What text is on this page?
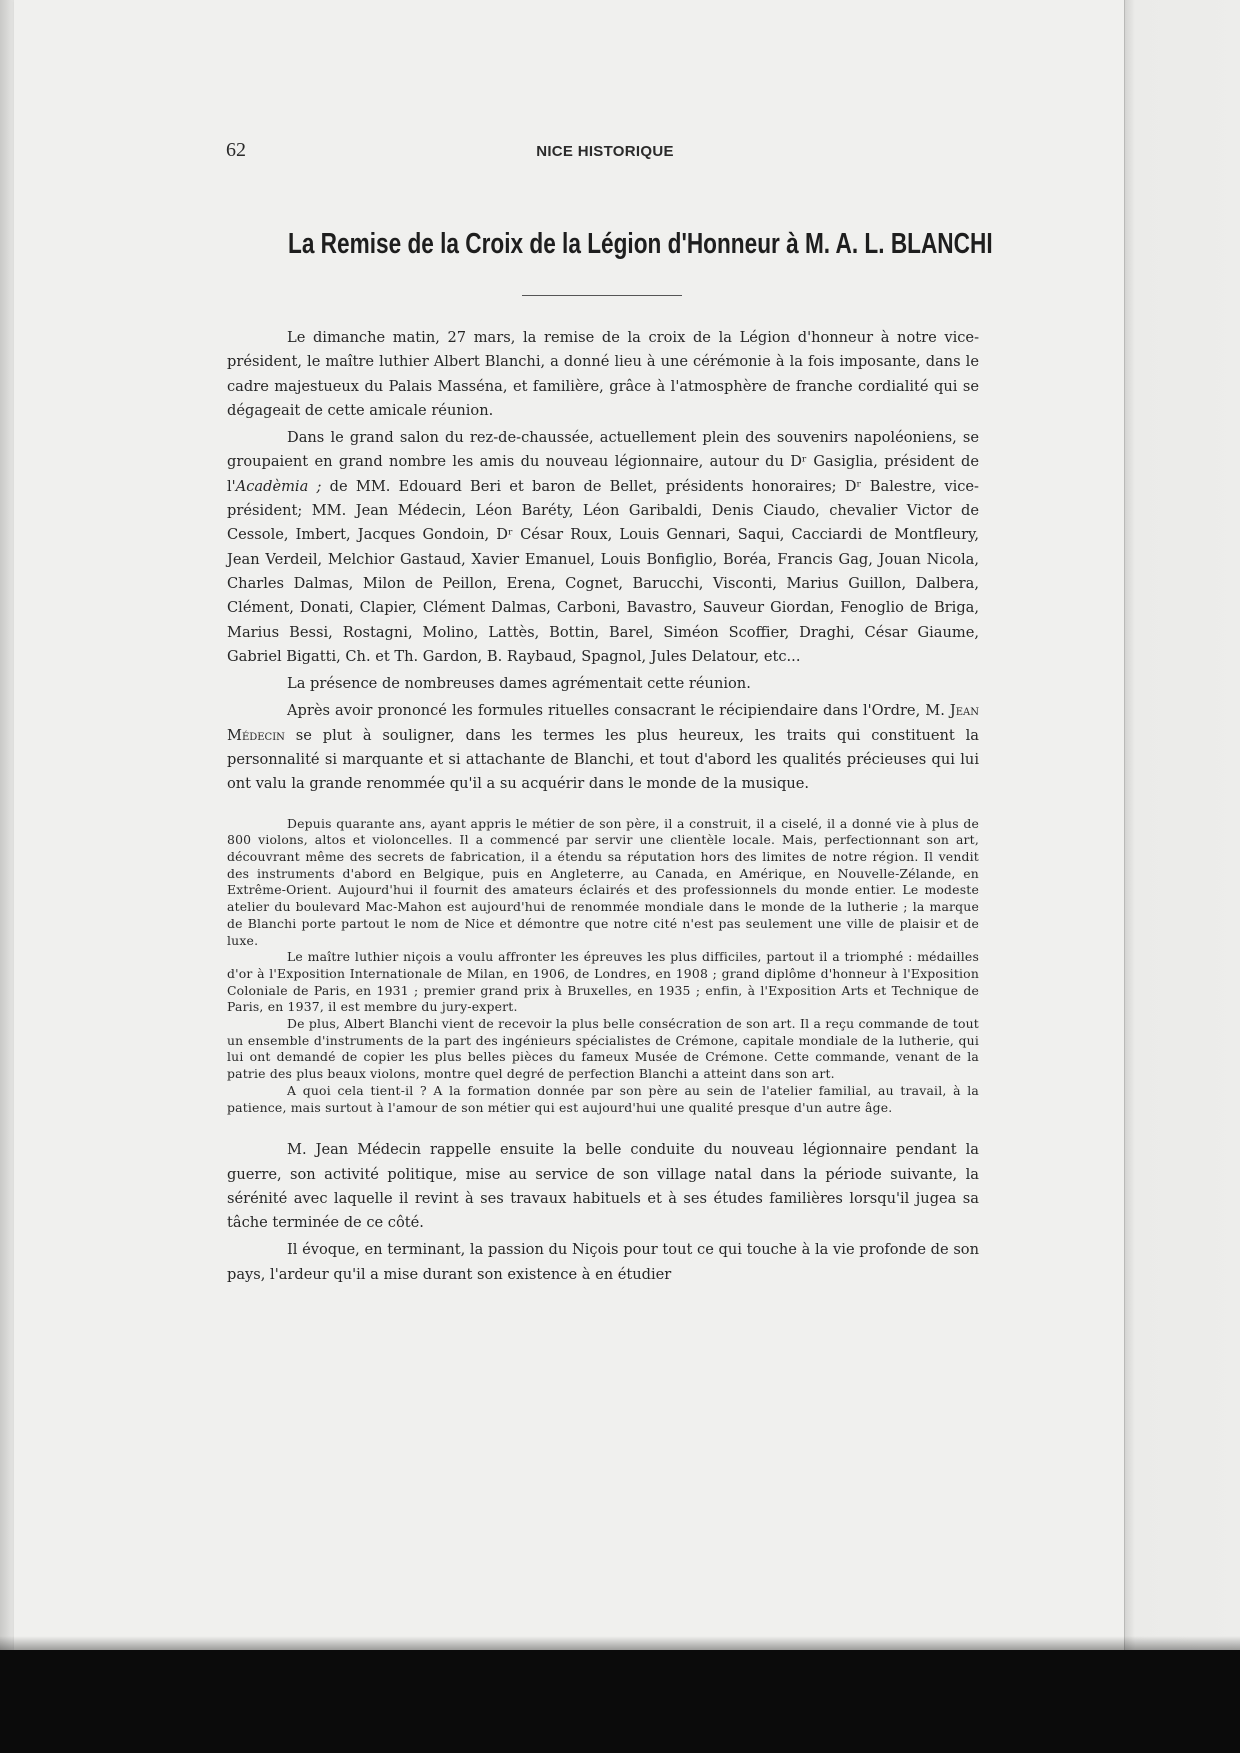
62	NICE HISTORIQUE
La Remise de la Croix de la Légion d'Honneur à M. A. L. BLANCHI

Le dimanche matin, 27 mars, la remise de la croix de la Légion d'honneur à notre vice-président, le maître luthier Albert Blanchi, a donné lieu à une cérémonie à la fois imposante, dans le cadre majestueux du Palais Masséna, et familière, grâce à l'atmosphère de franche cordialité qui se dégageait de cette amicale réunion.

Dans le grand salon du rez-de-chaussée, actuellement plein des souvenirs napoléoniens, se groupaient en grand nombre les amis du nouveau légionnaire, autour du Dʳ Gasiglia, président de l'Acadèmia ; de MM. Edouard Beri et baron de Bellet, présidents honoraires; Dʳ Balestre, vice-président; MM. Jean Médecin, Léon Baréty, Léon Garibaldi, Denis Ciaudo, chevalier Victor de Cessole, Imbert, Jacques Gondoin, Dʳ César Roux, Louis Gennari, Saqui, Cacciardi de Montfleury, Jean Verdeil, Melchior Gastaud, Xavier Emanuel, Louis Bonfiglio, Boréa, Francis Gag, Jouan Nicola, Charles Dalmas, Milon de Peillon, Erena, Cognet, Barucchi, Visconti, Marius Guillon, Dalbera, Clément, Donati, Clapier, Clément Dalmas, Carboni, Bavastro, Sauveur Giordan, Fenoglio de Briga, Marius Bessi, Rostagni, Molino, Lattès, Bottin, Barel, Siméon Scoffier, Draghi, César Giaume, Gabriel Bigatti, Ch. et Th. Gardon, B. Raybaud, Spagnol, Jules Delatour, etc...

La présence de nombreuses dames agrémentait cette réunion.

Après avoir prononcé les formules rituelles consacrant le récipiendaire dans l'Ordre, M. Jean Médecin se plut à souligner, dans les termes les plus heureux, les traits qui constituent la personnalité si marquante et si attachante de Blanchi, et tout d'abord les qualités précieuses qui lui ont valu la grande renommée qu'il a su acquérir dans le monde de la musique.

Depuis quarante ans, ayant appris le métier de son père, il a construit, il a ciselé, il a donné vie à plus de 800 violons, altos et violoncelles. Il a commencé par servir une clientèle locale. Mais, perfectionnant son art, découvrant même des secrets de fabrication, il a étendu sa réputation hors des limites de notre région. Il vendit des instruments d'abord en Belgique, puis en Angleterre, au Canada, en Amérique, en Nouvelle-Zélande, en Extrême-Orient. Aujourd'hui il fournit des amateurs éclairés et des professionnels du monde entier. Le modeste atelier du boulevard Mac-Mahon est aujourd'hui de renommée mondiale dans le monde de la lutherie ; la marque de Blanchi porte partout le nom de Nice et démontre que notre cité n'est pas seulement une ville de plaisir et de luxe.

Le maître luthier niçois a voulu affronter les épreuves les plus difficiles, partout il a triomphé : médailles d'or à l'Exposition Internationale de Milan, en 1906, de Londres, en 1908 ; grand diplôme d'honneur à l'Exposition Coloniale de Paris, en 1931 ; premier grand prix à Bruxelles, en 1935 ; enfin, à l'Exposition Arts et Technique de Paris, en 1937, il est membre du jury-expert.

De plus, Albert Blanchi vient de recevoir la plus belle consécration de son art. Il a reçu commande de tout un ensemble d'instruments de la part des ingénieurs spécialistes de Crémone, capitale mondiale de la lutherie, qui lui ont demandé de copier les plus belles pièces du fameux Musée de Crémone. Cette commande, venant de la patrie des plus beaux violons, montre quel degré de perfection Blanchi a atteint dans son art.

A quoi cela tient-il ? A la formation donnée par son père au sein de l'atelier familial, au travail, à la patience, mais surtout à l'amour de son métier qui est aujourd'hui une qualité presque d'un autre âge.

M. Jean Médecin rappelle ensuite la belle conduite du nouveau légionnaire pendant la guerre, son activité politique, mise au service de son village natal dans la période suivante, la sérénité avec laquelle il revint à ses travaux habituels et à ses études familières lorsqu'il jugea sa tâche terminée de ce côté.

Il évoque, en terminant, la passion du Niçois pour tout ce qui touche à la vie profonde de son pays, l'ardeur qu'il a mise durant son existence à en étudier
